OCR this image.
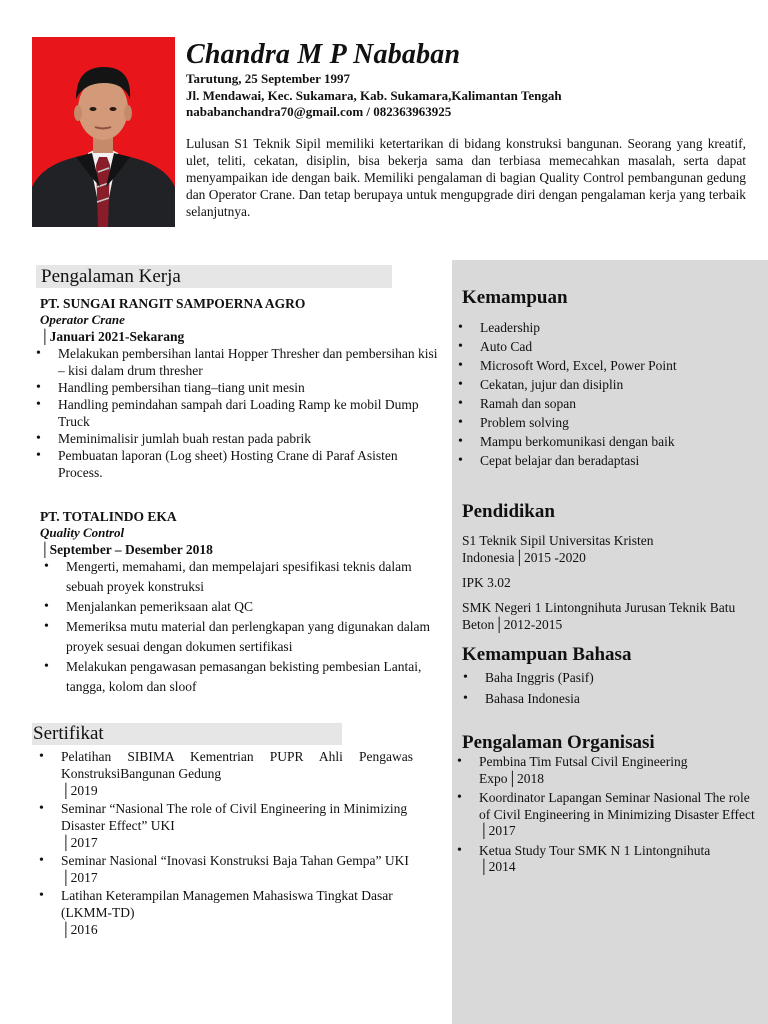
Chandra M P Nababan
Tarutung, 25 September 1997
Jl. Mendawai, Kec. Sukamara, Kab. Sukamara,Kalimantan Tengah
nababanchandra70@gmail.com / 082363963925
Lulusan S1 Teknik Sipil memiliki ketertarikan di bidang konstruksi bangunan. Seorang yang kreatif, ulet, teliti, cekatan, disiplin, bisa bekerja sama dan terbiasa memecahkan masalah, serta dapat menyampaikan ide dengan baik. Memiliki pengalaman di bagian Quality Control pembangunan gedung dan Operator Crane. Dan tetap berupaya untuk mengupgrade diri dengan pengalaman kerja yang terbaik selanjutnya.
Pengalaman Kerja
PT. SUNGAI RANGIT SAMPOERNA AGRO
Operator Crane
│Januari 2021-Sekarang
• Melakukan pembersihan lantai Hopper Thresher dan pembersihan kisi – kisi dalam drum thresher
• Handling pembersihan tiang–tiang unit mesin
• Handling pemindahan sampah dari Loading Ramp ke mobil Dump Truck
• Meminimalisir jumlah buah restan pada pabrik
• Pembuatan laporan (Log sheet) Hosting Crane di Paraf Asisten Process.
PT. TOTALINDO EKA
Quality Control
│September – Desember 2018
• Mengerti, memahami, dan mempelajari spesifikasi teknis dalam sebuah proyek konstruksi
• Menjalankan pemeriksaan alat QC
• Memeriksa mutu material dan perlengkapan yang digunakan dalam proyek sesuai dengan dokumen sertifikasi
• Melakukan pengawasan pemasangan bekisting pembesian Lantai, tangga, kolom dan sloof
Sertifikat
• Pelatihan SIBIMA Kementrian PUPR Ahli Pengawas KonstruksiBangunan Gedung
│2019
• Seminar “Nasional The role of Civil Engineering in Minimizing Disaster Effect” UKI
│2017
• Seminar Nasional “Inovasi Konstruksi Baja Tahan Gempa” UKI
│2017
• Latihan Keterampilan Managemen Mahasiswa Tingkat Dasar (LKMM-TD)
│2016
Kemampuan
• Leadership
• Auto Cad
• Microsoft Word, Excel, Power Point
• Cekatan, jujur dan disiplin
• Ramah dan sopan
• Problem solving
• Mampu berkomunikasi dengan baik
• Cepat belajar dan beradaptasi
Pendidikan

S1 Teknik Sipil Universitas Kristen Indonesia│2015 -2020

IPK 3.02

SMK Negeri 1 Lintongnihuta Jurusan Teknik Batu Beton│2012-2015

Kemampuan Bahasa
• Baha Inggris (Pasif)
• Bahasa Indonesia
Pengalaman Organisasi
• Pembina Tim Futsal Civil Engineering Expo│2018
• Koordinator Lapangan Seminar Nasional The role of Civil Engineering in Minimizing Disaster Effect │2017
• Ketua Study Tour SMK N 1 Lintongnihuta │2014
